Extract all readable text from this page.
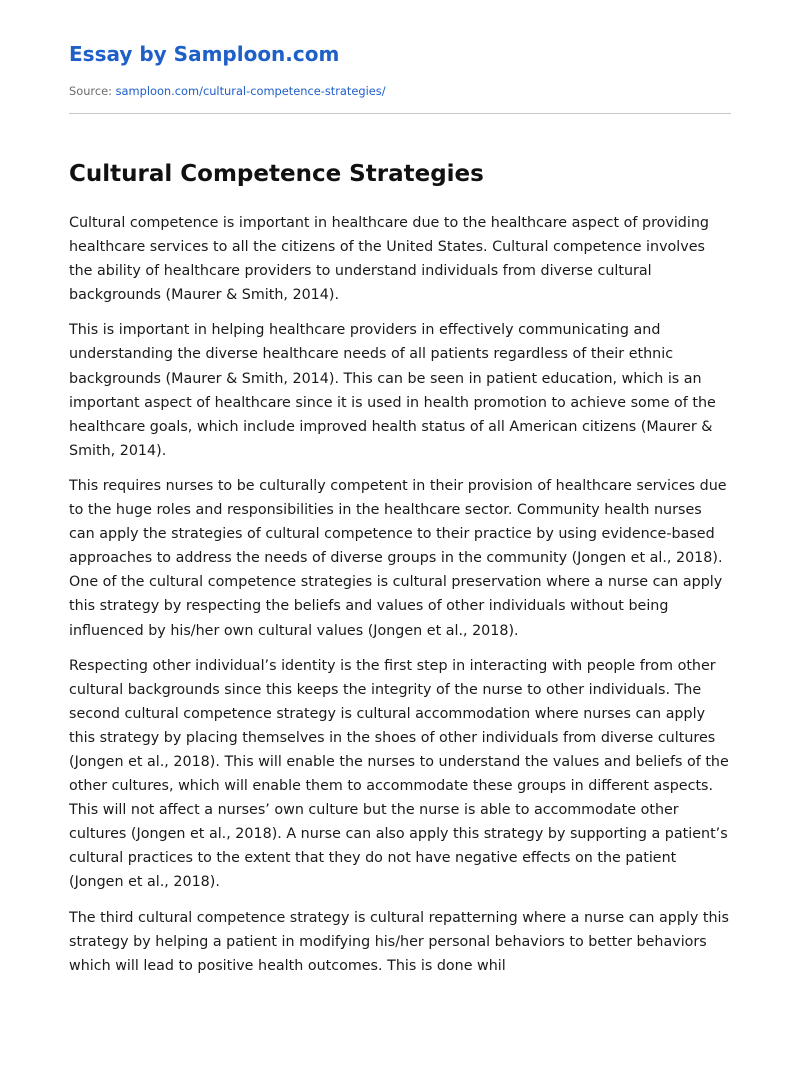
Essay by Samploon.com
Source: samploon.com/cultural-competence-strategies/
Cultural Competence Strategies

Cultural competence is important in healthcare due to the healthcare aspect of providing healthcare services to all the citizens of the United States. Cultural competence involves the ability of healthcare providers to understand individuals from diverse cultural backgrounds (Maurer & Smith, 2014).

This is important in helping healthcare providers in effectively communicating and understanding the diverse healthcare needs of all patients regardless of their ethnic backgrounds (Maurer & Smith, 2014). This can be seen in patient education, which is an important aspect of healthcare since it is used in health promotion to achieve some of the healthcare goals, which include improved health status of all American citizens (Maurer & Smith, 2014).

This requires nurses to be culturally competent in their provision of healthcare services due to the huge roles and responsibilities in the healthcare sector. Community health nurses can apply the strategies of cultural competence to their practice by using evidence-based approaches to address the needs of diverse groups in the community (Jongen et al., 2018). One of the cultural competence strategies is cultural preservation where a nurse can apply this strategy by respecting the beliefs and values of other individuals without being influenced by his/her own cultural values (Jongen et al., 2018).

Respecting other individual’s identity is the first step in interacting with people from other cultural backgrounds since this keeps the integrity of the nurse to other individuals. The second cultural competence strategy is cultural accommodation where nurses can apply this strategy by placing themselves in the shoes of other individuals from diverse cultures (Jongen et al., 2018). This will enable the nurses to understand the values and beliefs of the other cultures, which will enable them to accommodate these groups in different aspects. This will not affect a nurses’ own culture but the nurse is able to accommodate other cultures (Jongen et al., 2018). A nurse can also apply this strategy by supporting a patient’s cultural practices to the extent that they do not have negative effects on the patient (Jongen et al., 2018).

The third cultural competence strategy is cultural repatterning where a nurse can apply this strategy by helping a patient in modifying his/her personal behaviors to better behaviors which will lead to positive health outcomes. This is done whil
